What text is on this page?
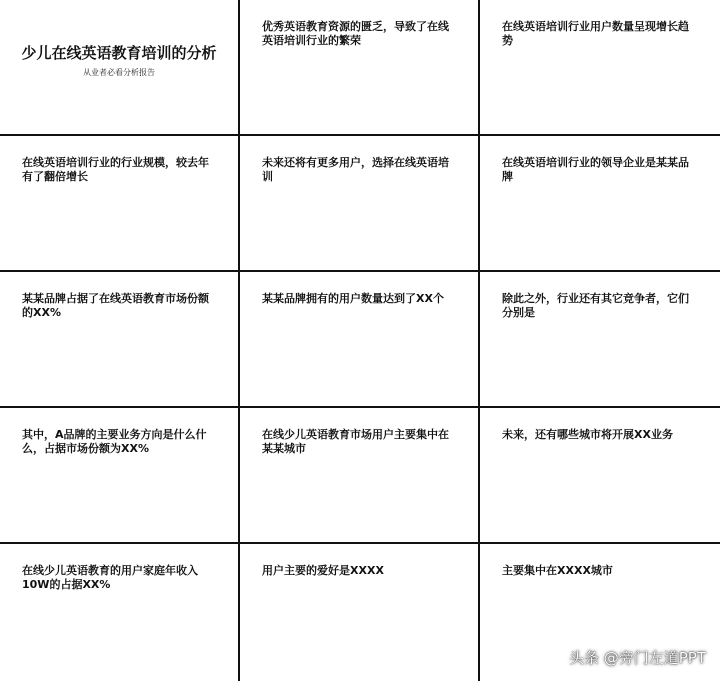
少儿在线英语教育培训的分析
从业者必看分析报告
优秀英语教育资源的匮乏，导致了在线英语培训行业的繁荣
在线英语培训行业用户数量呈现增长趋势
在线英语培训行业的行业规模，较去年有了翻倍增长
未来还将有更多用户，选择在线英语培训
在线英语培训行业的领导企业是某某品牌
某某品牌占据了在线英语教育市场份额的XX%
某某品牌拥有的用户数量达到了XX个	除此之外，行业还有其它竞争者，它们分别是
其中，A品牌的主要业务方向是什么什么，占据市场份额为XX%
在线少儿英语教育市场用户主要集中在某某城市
未来，还有哪些城市将开展XX业务
在线少儿英语教育的用户家庭年收入10W的占据XX%
用户主要的爱好是XXXX	主要集中在XXXX城市
头条 @旁门左道PPT
